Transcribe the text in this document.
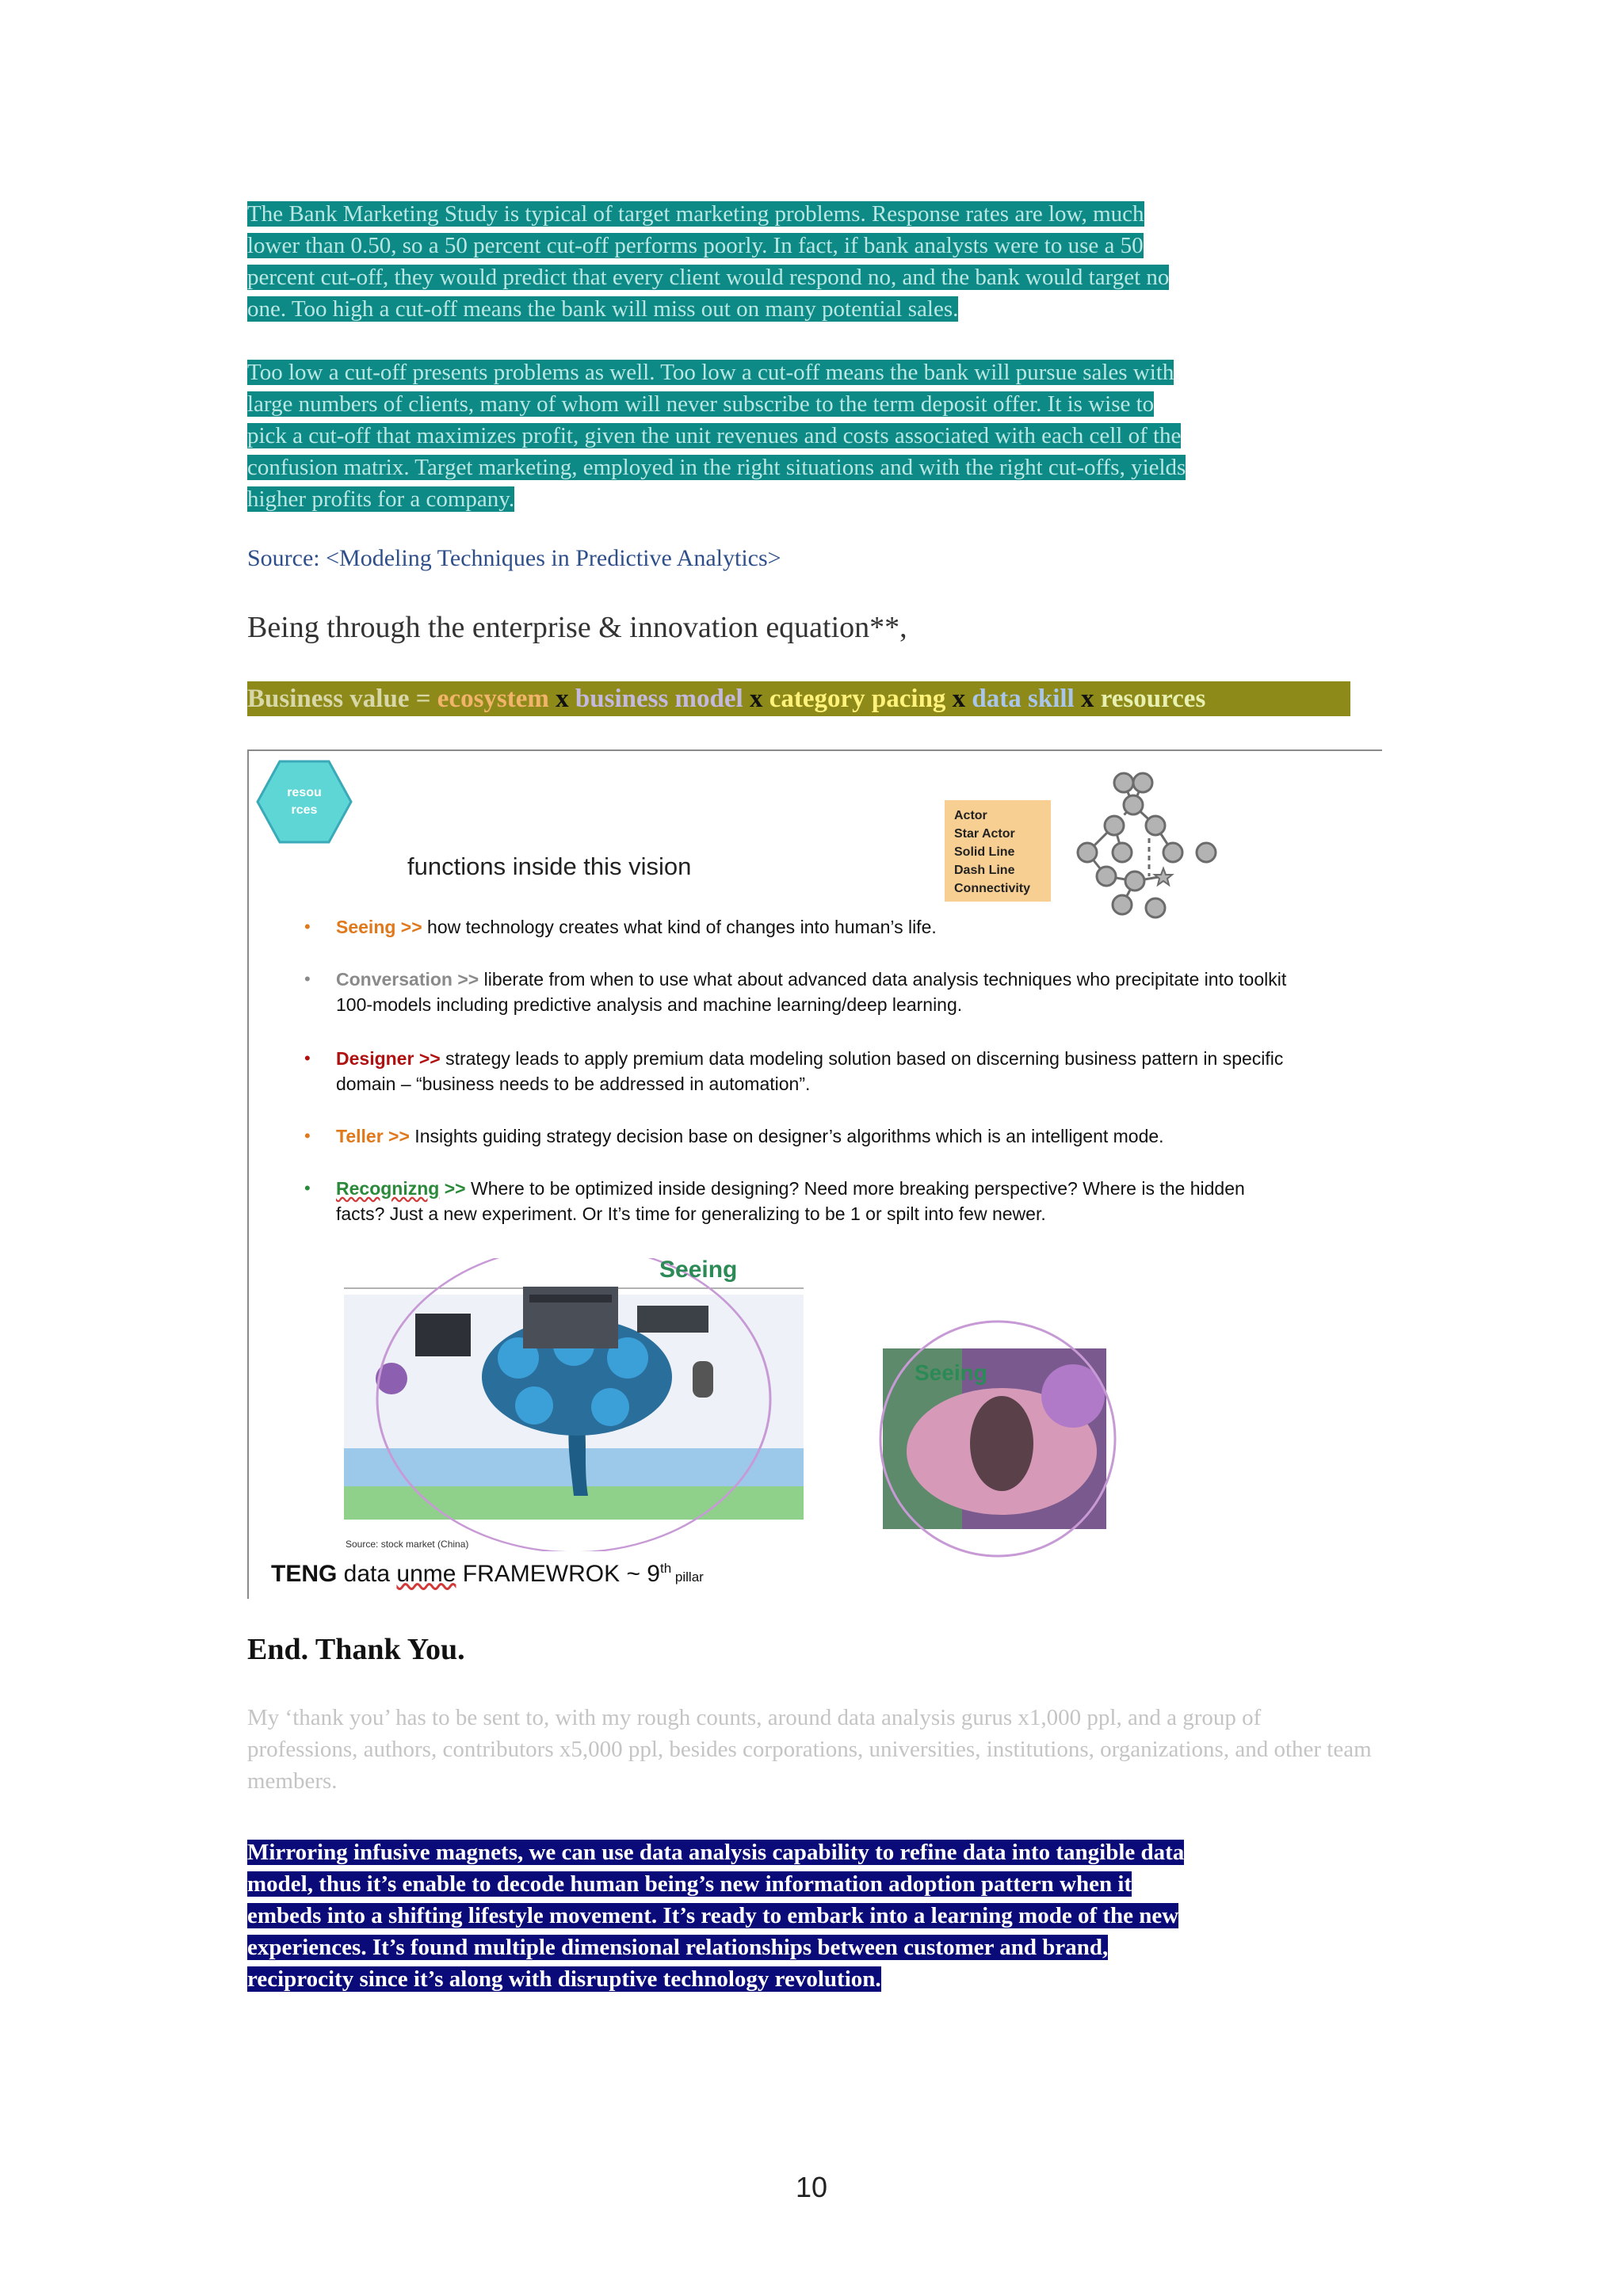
The Bank Marketing Study is typical of target marketing problems. Response rates are low, much
lower than 0.50, so a 50 percent cut-off performs poorly. In fact, if bank analysts were to use a 50
percent cut-off, they would predict that every client would respond no, and the bank would target no
one. Too high a cut-off means the bank will miss out on many potential sales.
Too low a cut-off presents problems as well. Too low a cut-off means the bank will pursue sales with
large numbers of clients, many of whom will never subscribe to the term deposit offer. It is wise to
pick a cut-off that maximizes profit, given the unit revenues and costs associated with each cell of the
confusion matrix. Target marketing, employed in the right situations and with the right cut-offs, yields
higher profits for a company.
Source: <Modeling Techniques in Predictive Analytics>
Being through the enterprise & innovation equation**,
Business value = ecosystem x business model x category pacing x data skill x resources
resou
rces
functions inside this vision
Actor
Star Actor
Solid Line
Dash Line
Connectivity
• Seeing >> how technology creates what kind of changes into human’s life.
• Conversation >> liberate from when to use what about advanced data analysis techniques who precipitate into toolkit 100-models including predictive analysis and machine learning/deep learning.
• Designer >> strategy leads to apply premium data modeling solution based on discerning business pattern in specific domain – “business needs to be addressed in automation”.
• Teller >> Insights guiding strategy decision base on designer’s algorithms which is an intelligent mode.
• Recognizng >> Where to be optimized inside designing? Need more breaking perspective? Where is the hidden facts? Just a new experiment. Or It’s time for generalizing to be 1 or spilt into few newer.
Seeing
Seeing
Source: stock market (China)
TENG data unme FRAMEWROK ~ 9th pillar
End. Thank You.

My ‘thank you’ has to be sent to, with my rough counts, around data analysis gurus x1,000 ppl, and a group of professions, authors, contributors x5,000 ppl, besides corporations, universities, institutions, organizations, and other team members.

Mirroring infusive magnets, we can use data analysis capability to refine data into tangible data
model, thus it’s enable to decode human being’s new information adoption pattern when it
embeds into a shifting lifestyle movement. It’s ready to embark into a learning mode of the new
experiences. It’s found multiple dimensional relationships between customer and brand,
reciprocity since it’s along with disruptive technology revolution.
10
